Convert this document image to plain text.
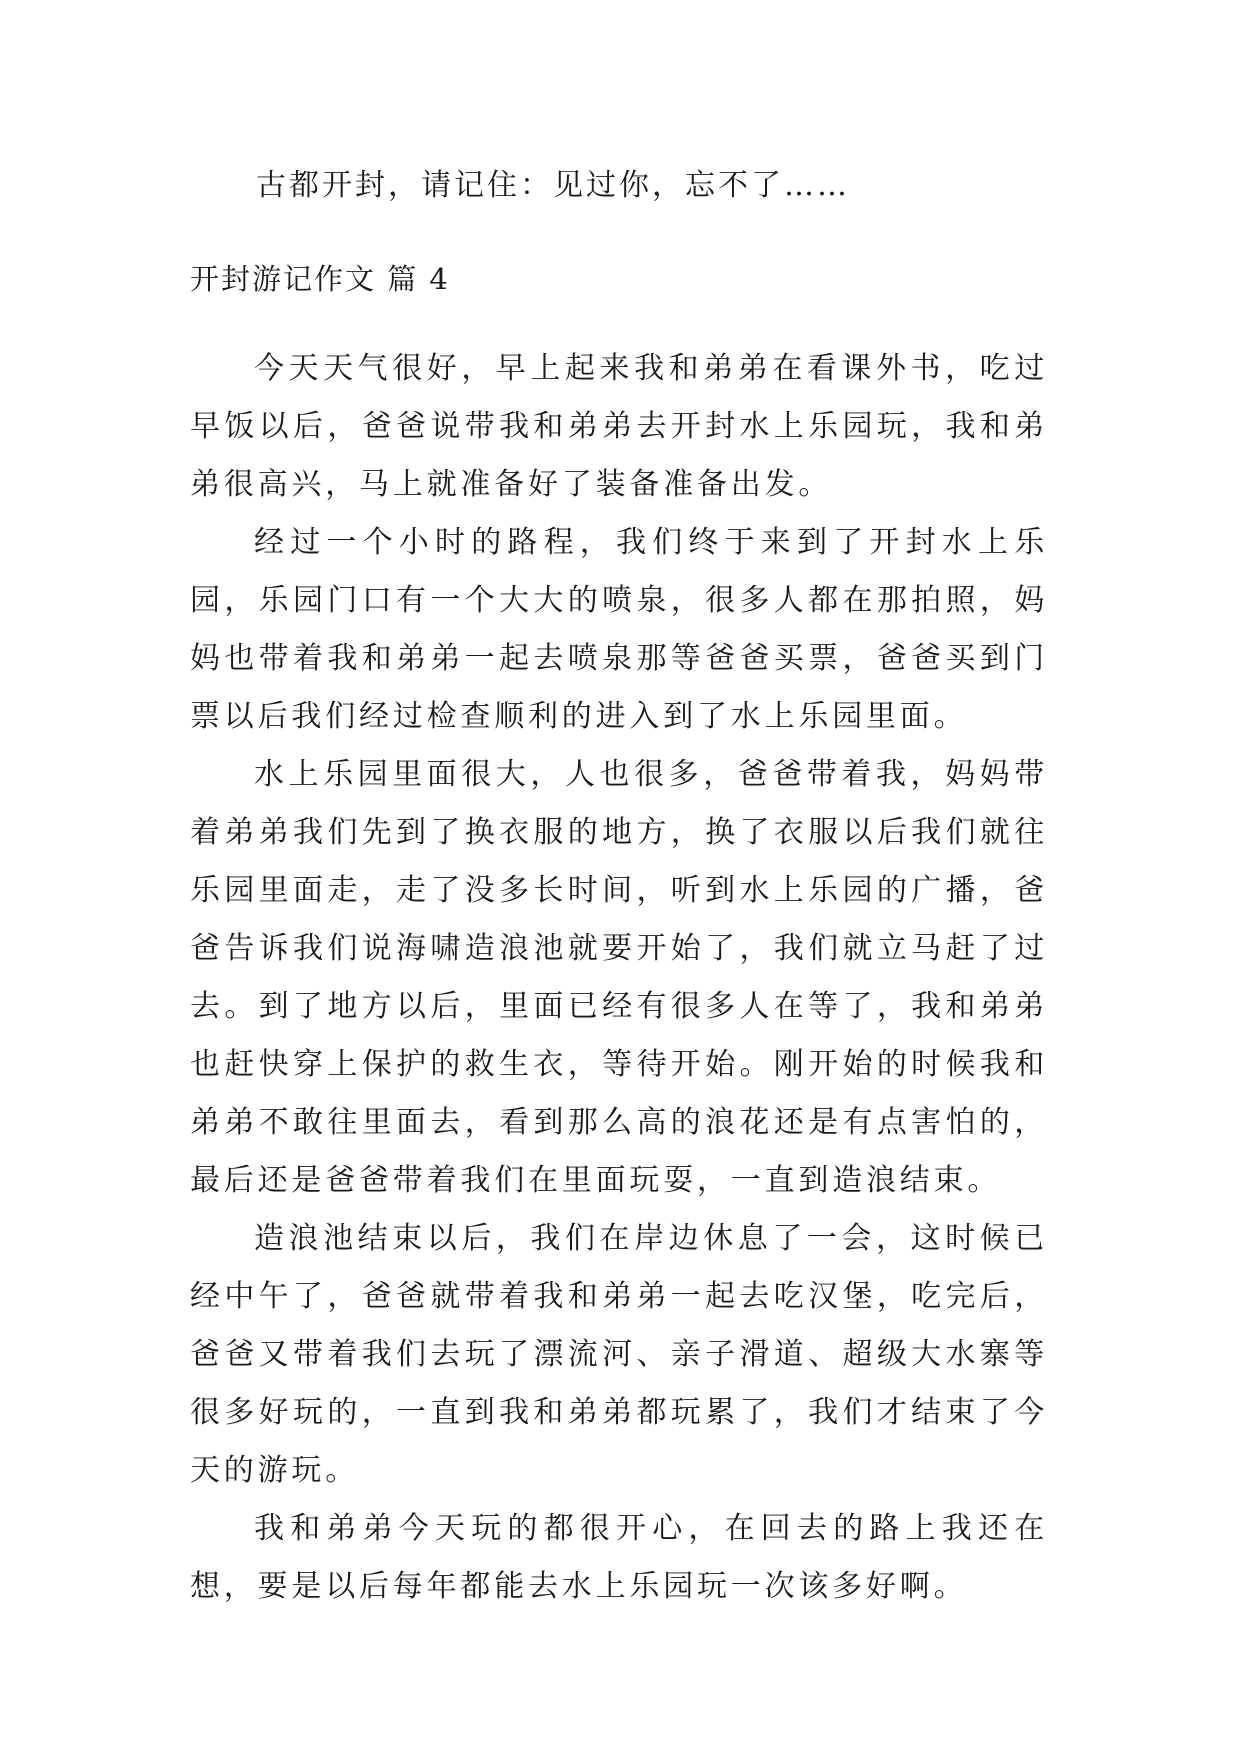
古都开封，请记住：见过你，忘不了……
开封游记作文 篇 4

今天天气很好，早上起来我和弟弟在看课外书，吃过早饭以后，爸爸说带我和弟弟去开封水上乐园玩，我和弟弟很高兴，马上就准备好了装备准备出发。

经过一个小时的路程，我们终于来到了开封水上乐园，乐园门口有一个大大的喷泉，很多人都在那拍照，妈妈也带着我和弟弟一起去喷泉那等爸爸买票，爸爸买到门票以后我们经过检查顺利的进入到了水上乐园里面。

水上乐园里面很大，人也很多，爸爸带着我，妈妈带着弟弟我们先到了换衣服的地方，换了衣服以后我们就往乐园里面走，走了没多长时间，听到水上乐园的广播，爸爸告诉我们说海啸造浪池就要开始了，我们就立马赶了过去。到了地方以后，里面已经有很多人在等了，我和弟弟也赶快穿上保护的救生衣，等待开始。刚开始的时候我和弟弟不敢往里面去，看到那么高的浪花还是有点害怕的，最后还是爸爸带着我们在里面玩耍，一直到造浪结束。

造浪池结束以后，我们在岸边休息了一会，这时候已经中午了，爸爸就带着我和弟弟一起去吃汉堡，吃完后，爸爸又带着我们去玩了漂流河、亲子滑道、超级大水寨等很多好玩的，一直到我和弟弟都玩累了，我们才结束了今天的游玩。

我和弟弟今天玩的都很开心，在回去的路上我还在想，要是以后每年都能去水上乐园玩一次该多好啊。
